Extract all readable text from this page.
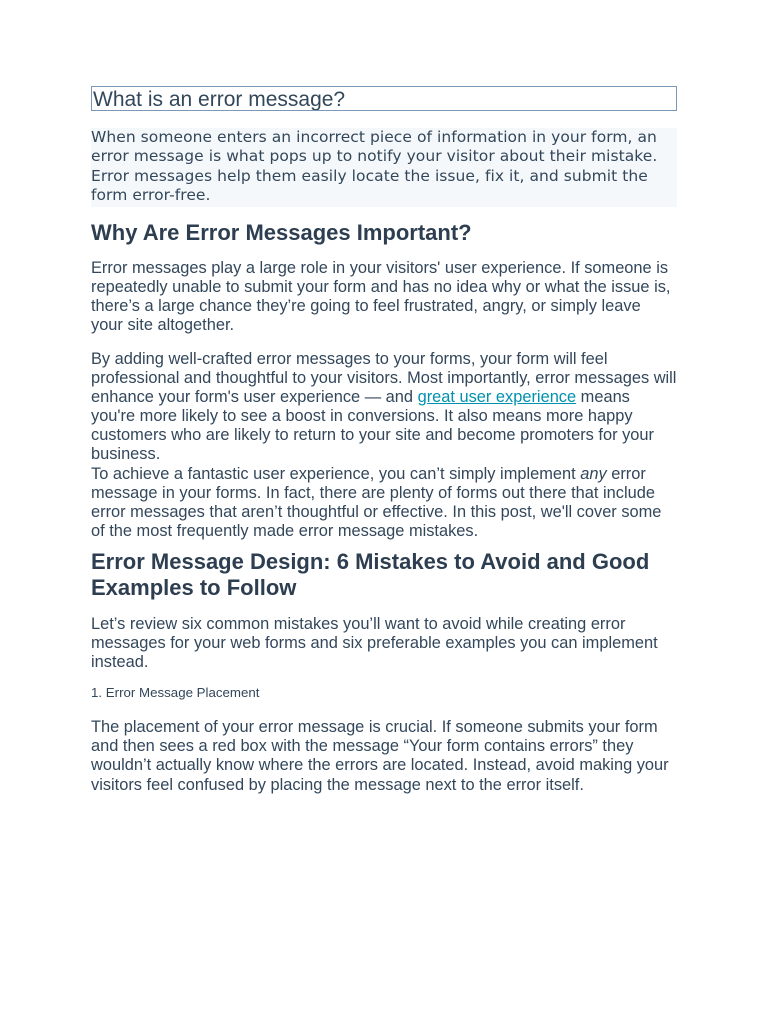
What is an error message?
When someone enters an incorrect piece of information in your form, an error message is what pops up to notify your visitor about their mistake. Error messages help them easily locate the issue, fix it, and submit the form error-free.
Why Are Error Messages Important?

Error messages play a large role in your visitors' user experience. If someone is repeatedly unable to submit your form and has no idea why or what the issue is, there’s a large chance they’re going to feel frustrated, angry, or simply leave your site altogether.

By adding well-crafted error messages to your forms, your form will feel professional and thoughtful to your visitors. Most importantly, error messages will enhance your form's user experience — and great user experience means you're more likely to see a boost in conversions. It also means more happy customers who are likely to return to your site and become promoters for your business.

To achieve a fantastic user experience, you can’t simply implement any error message in your forms. In fact, there are plenty of forms out there that include error messages that aren’t thoughtful or effective. In this post, we'll cover some of the most frequently made error message mistakes.

Error Message Design: 6 Mistakes to Avoid and Good Examples to Follow

Let’s review six common mistakes you’ll want to avoid while creating error messages for your web forms and six preferable examples you can implement instead.

1. Error Message Placement

The placement of your error message is crucial. If someone submits your form and then sees a red box with the message “Your form contains errors” they wouldn’t actually know where the errors are located. Instead, avoid making your visitors feel confused by placing the message next to the error itself.
